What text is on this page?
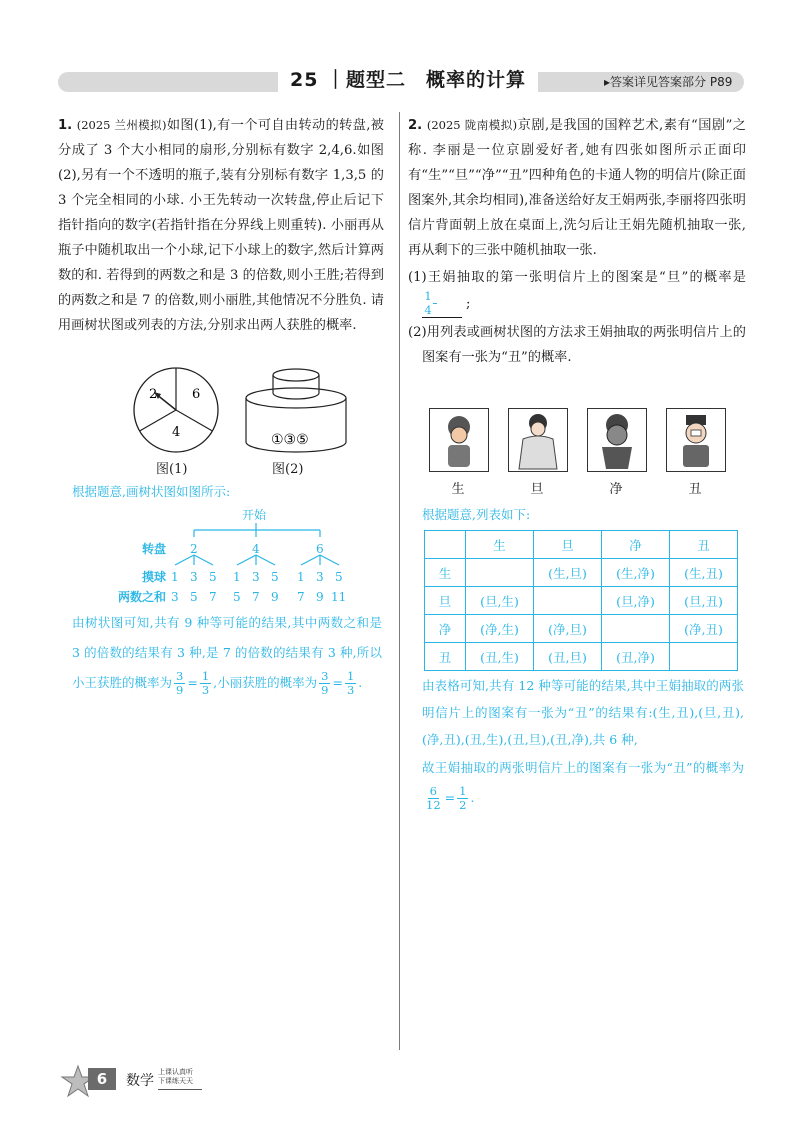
25 ｜题型二　概率的计算	▸答案详见答案部分 P89

1. (2025 兰州模拟)如图(1),有一个可自由转动的转盘,被分成了 3 个大小相同的扇形,分别标有数字 2,4,6.如图(2),另有一个不透明的瓶子,装有分别标有数字 1,3,5 的 3 个完全相同的小球. 小王先转动一次转盘,停止后记下指针指向的数字(若指针指在分界线上则重转). 小丽再从瓶子中随机取出一个小球,记下小球上的数字,然后计算两数的和. 若得到的两数之和是 3 的倍数,则小王胜;若得到的两数之和是 7 的倍数,则小丽胜,其他情况不分胜负. 请用画树状图或列表的方法,分别求出两人获胜的概率.

2	6
4	①③⑤
图(1)	图(2)
根据题意,画树状图如图所示:
开始
转盘 2	4	6
摸球 1 3 5 1 3 5 1 3 5
两数之和 3 5 7 5 7 9 7 9 11

由树状图可知,共有 9 种等可能的结果,其中两数之和是 3 的倍数的结果有 3 种,是 7 的倍数的结果有 3 种,所以小王获胜的概率为 $\frac{3}{9} = \frac{1}{3}$ ,小丽获胜的概率为 $\frac{3}{9} = \frac{1}{3}$ .

2. (2025 陇南模拟)京剧,是我国的国粹艺术,素有“国剧”之称. 李丽是一位京剧爱好者,她有四张如图所示正面印有“生”“旦”“净”“丑”四种角色的卡通人物的明信片(除正面图案外,其余均相同),准备送给好友王娟两张,李丽将四张明信片背面朝上放在桌面上,洗匀后让王娟先随机抽取一张,再从剩下的三张中随机抽取一张.

(1)王娟抽取的第一张明信片上的图案是“旦”的概率是
$\frac{1}{4}$ ;

(2)用列表或画树状图的方法求王娟抽取的两张明信片上的图案有一张为“丑”的概率.

生	旦	净	丑
根据题意,列表如下:
	生	旦	净	丑
生		(生,旦)	(生,净)	(生,丑)
旦	(旦,生)		(旦,净)	(旦,丑)
净	(净,生)	(净,旦)		(净,丑)
丑	(丑,生)	(丑,旦)	(丑,净)	

由表格可知,共有 12 种等可能的结果,其中王娟抽取的两张明信片上的图案有一张为“丑”的结果有:(生,丑),(旦,丑),(净,丑),(丑,生),(丑,旦),(丑,净),共 6 种,

故王娟抽取的两张明信片上的图案有一张为“丑”的概率为
$\frac{6}{12} = \frac{1}{2}$ .

6	数学
上课认真听
下课练天天
